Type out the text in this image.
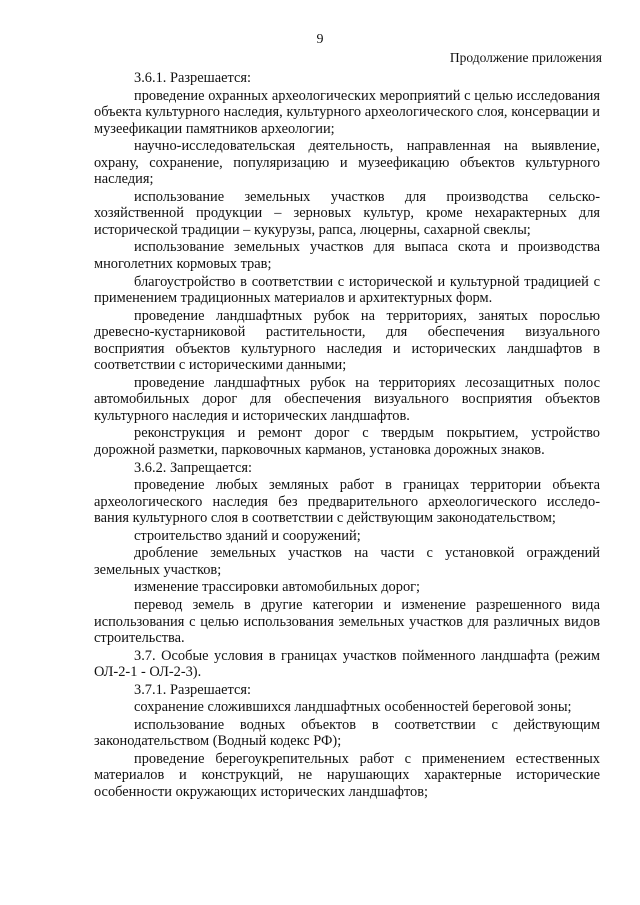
9
Продолжение приложения

3.6.1. Разрешается:

проведение охранных археологических мероприятий с целью исследования объекта культурного наследия, культурного археологического слоя, консервации и музеефикации памятников археологии;

научно-исследовательская деятельность, направленная на выявление, охрану, сохранение, популяризацию и музеефикацию объектов культурного наследия;

использование земельных участков для производства сельско-хозяйственной продукции – зерновых культур, кроме нехарактерных для исторической традиции – кукурузы, рапса, люцерны, сахарной свеклы;

использование земельных участков для выпаса скота и производства многолетних кормовых трав;

благоустройство в соответствии с исторической и культурной традицией с применением традиционных материалов и архитектурных форм.

проведение ландшафтных рубок на территориях, занятых порослью древесно-кустарниковой растительности, для обеспечения визуального восприятия объектов культурного наследия и исторических ландшафтов в соответствии с историческими данными;

проведение ландшафтных рубок на территориях лесозащитных полос автомобильных дорог для обеспечения визуального восприятия объектов культурного наследия и исторических ландшафтов.

реконструкция и ремонт дорог с твердым покрытием, устройство дорожной разметки, парковочных карманов, установка дорожных знаков.

3.6.2. Запрещается:

проведение любых земляных работ в границах территории объекта археологического наследия без предварительного археологического исследо-вания культурного слоя в соответствии с действующим законодательством;

строительство зданий и сооружений;

дробление земельных участков на части с установкой ограждений земельных участков;

изменение трассировки автомобильных дорог;

перевод земель в другие категории и изменение разрешенного вида использования с целью использования земельных участков для различных видов строительства.

3.7. Особые условия в границах участков пойменного ландшафта (режим ОЛ-2-1 - ОЛ-2-3).

3.7.1. Разрешается:

сохранение сложившихся ландшафтных особенностей береговой зоны;

использование водных объектов в соответствии с действующим законодательством (Водный кодекс РФ);

проведение берегоукрепительных работ с применением естественных материалов и конструкций, не нарушающих характерные исторические особенности окружающих исторических ландшафтов;
